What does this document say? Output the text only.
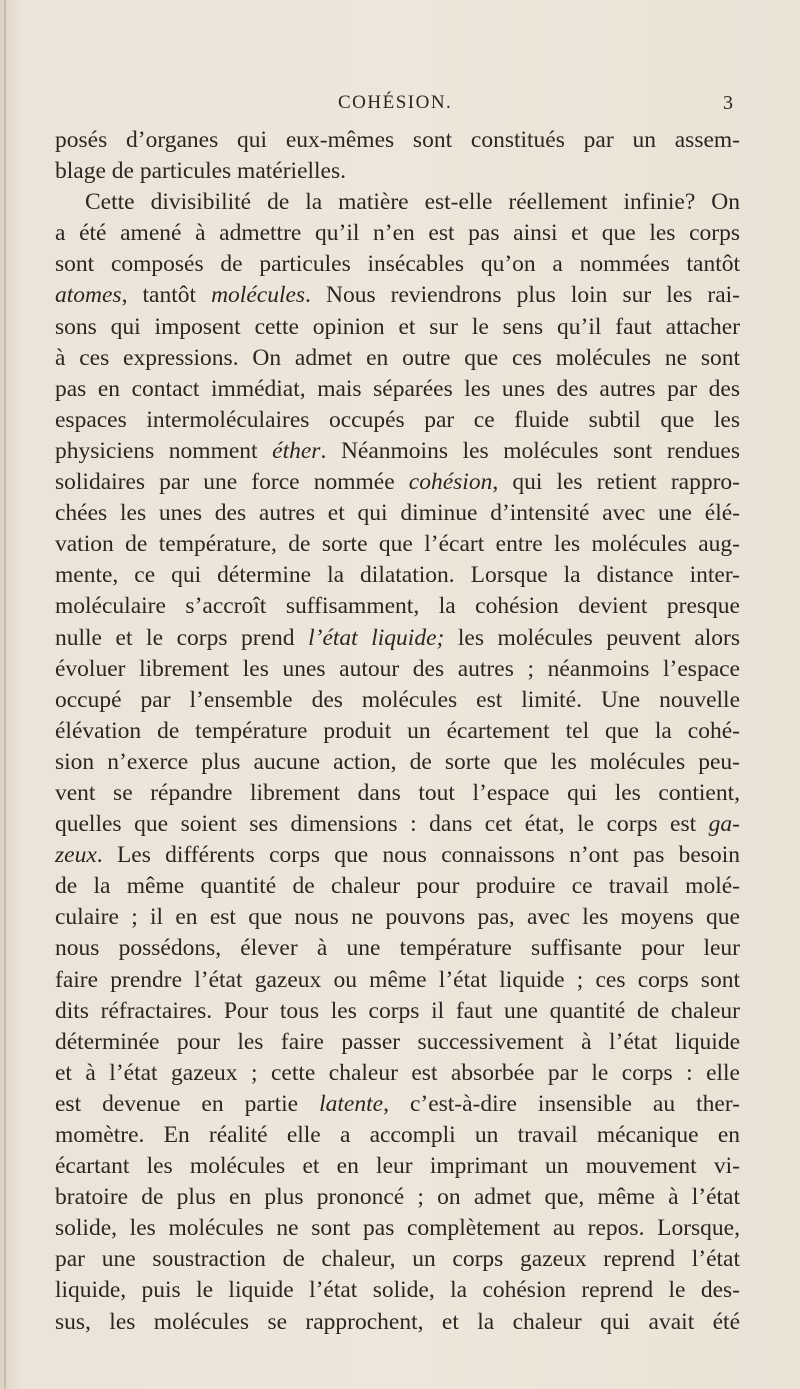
COHÉSION.	3
posés d’organes qui eux-mêmes sont constitués par un assem-
blage de particules matérielles.
Cette divisibilité de la matière est-elle réellement infinie? On
a été amené à admettre qu’il n’en est pas ainsi et que les corps
sont composés de particules insécables qu’on a nommées tantôt
atomes, tantôt molécules. Nous reviendrons plus loin sur les rai-
sons qui imposent cette opinion et sur le sens qu’il faut attacher
à ces expressions. On admet en outre que ces molécules ne sont
pas en contact immédiat, mais séparées les unes des autres par des
espaces intermoléculaires occupés par ce fluide subtil que les
physiciens nomment éther. Néanmoins les molécules sont rendues
solidaires par une force nommée cohésion, qui les retient rappro-
chées les unes des autres et qui diminue d’intensité avec une élé-
vation de température, de sorte que l’écart entre les molécules aug-
mente, ce qui détermine la dilatation. Lorsque la distance inter-
moléculaire s’accroît suffisamment, la cohésion devient presque
nulle et le corps prend l’état liquide; les molécules peuvent alors
évoluer librement les unes autour des autres ; néanmoins l’espace
occupé par l’ensemble des molécules est limité. Une nouvelle
élévation de température produit un écartement tel que la cohé-
sion n’exerce plus aucune action, de sorte que les molécules peu-
vent se répandre librement dans tout l’espace qui les contient,
quelles que soient ses dimensions : dans cet état, le corps est ga-
zeux. Les différents corps que nous connaissons n’ont pas besoin
de la même quantité de chaleur pour produire ce travail molé-
culaire ; il en est que nous ne pouvons pas, avec les moyens que
nous possédons, élever à une température suffisante pour leur
faire prendre l’état gazeux ou même l’état liquide ; ces corps sont
dits réfractaires. Pour tous les corps il faut une quantité de chaleur
déterminée pour les faire passer successivement à l’état liquide
et à l’état gazeux ; cette chaleur est absorbée par le corps : elle
est devenue en partie latente, c’est-à-dire insensible au ther-
momètre. En réalité elle a accompli un travail mécanique en
écartant les molécules et en leur imprimant un mouvement vi-
bratoire de plus en plus prononcé ; on admet que, même à l’état
solide, les molécules ne sont pas complètement au repos. Lorsque,
par une soustraction de chaleur, un corps gazeux reprend l’état
liquide, puis le liquide l’état solide, la cohésion reprend le des-
sus, les molécules se rapprochent, et la chaleur qui avait été
